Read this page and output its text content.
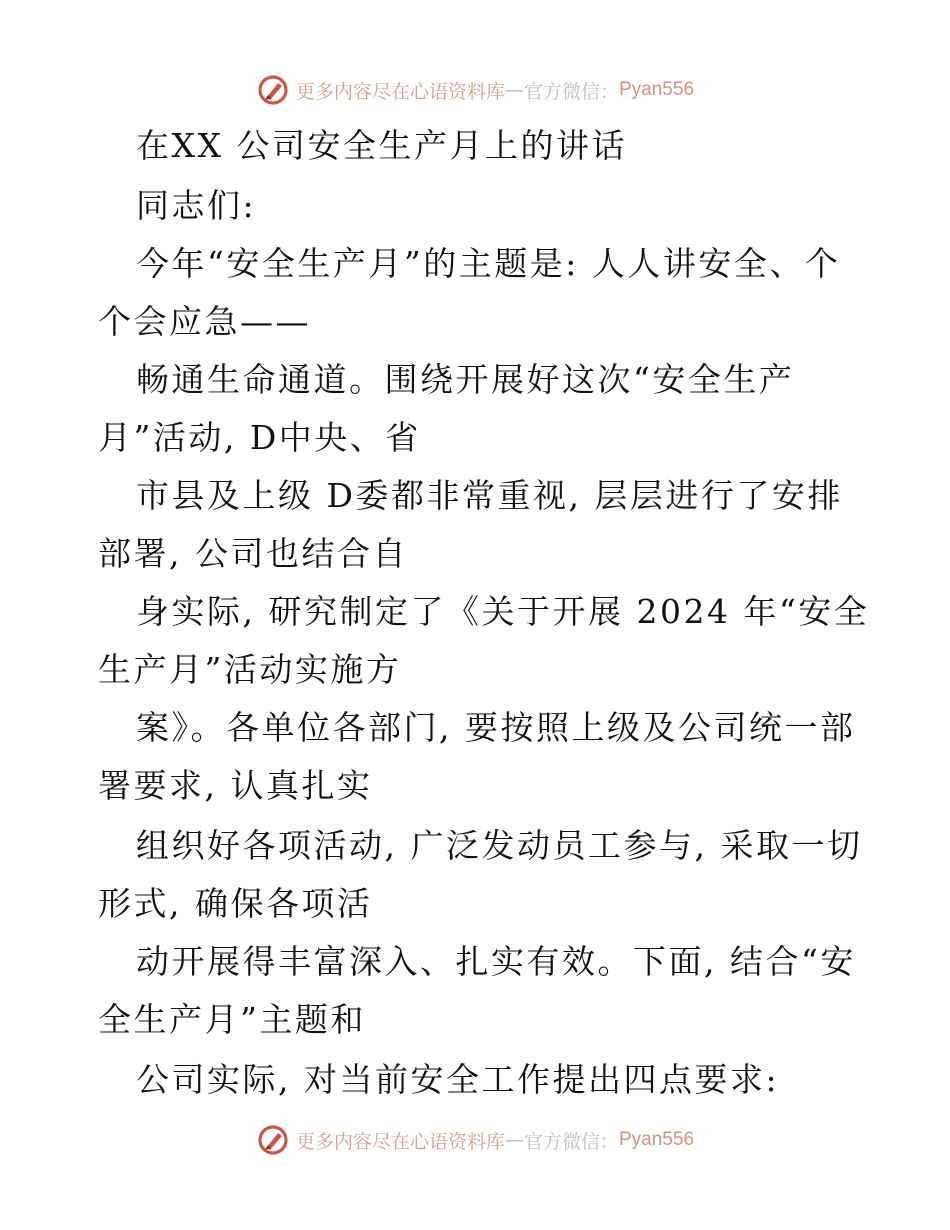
更多内容尽在心语资料库 — 官方微信： Pyan556
在XX 公司安全生产月上的讲话
同志们:
今年“安全生产月”的主题是: 人人讲安全、个
个会应急——
畅通生命通道。围绕开展好这次“安全生产
月”活动, D中央、省
市县及上级 D委都非常重视, 层层进行了安排
部署, 公司也结合自
身实际, 研究制定了《关于开展 2024 年“安全
生产月”活动实施方
案》。各单位各部门, 要按照上级及公司统一部
署要求, 认真扎实
组织好各项活动, 广泛发动员工参与, 采取一切
形式, 确保各项活
动开展得丰富深入、扎实有效。下面, 结合“安
全生产月”主题和
公司实际, 对当前安全工作提出四点要求:
更多内容尽在心语资料库 — 官方微信： Pyan556
